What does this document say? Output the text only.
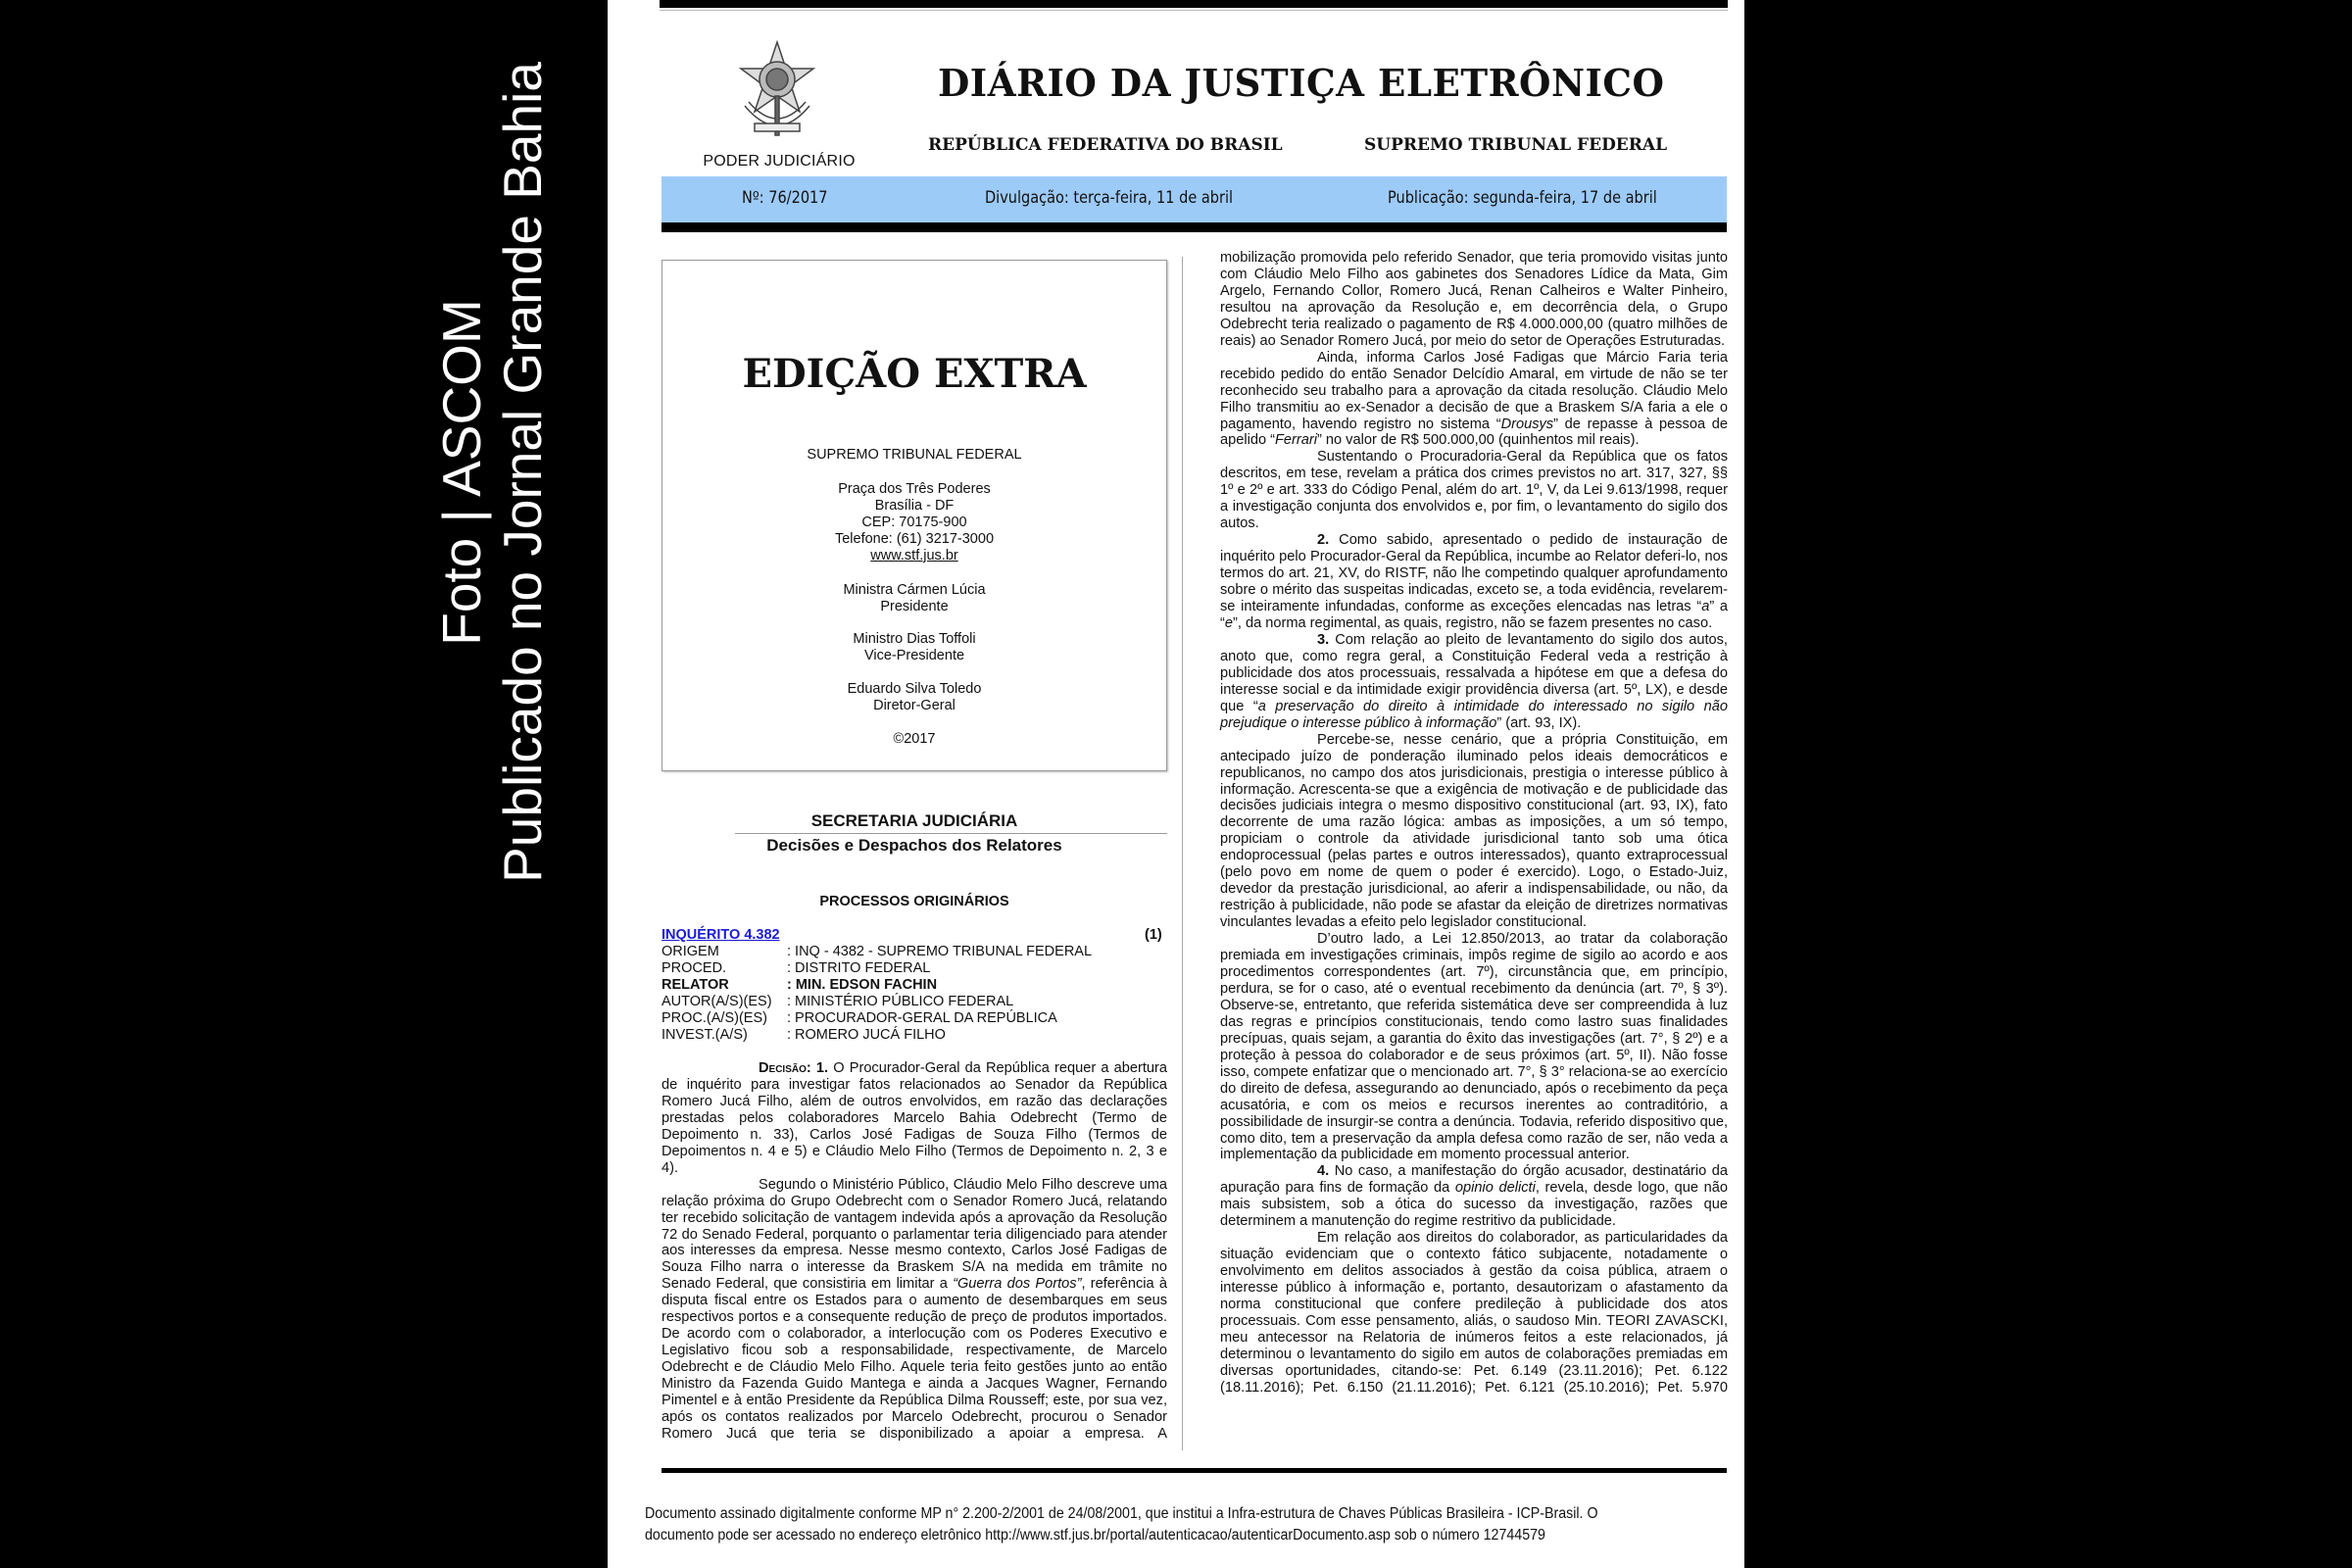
Foto | ASCOM Publicado no Jornal Grande Bahia	PODER JUDICIÁRIO
DIÁRIO DA JUSTIÇA ELETRÔNICO
REPÚBLICA FEDERATIVA DO BRASIL	SUPREMO TRIBUNAL FEDERAL
Nº: 76/2017	Divulgação: terça-feira, 11 de abril	Publicação: segunda-feira, 17 de abril
EDIÇÃO EXTRA
SUPREMO TRIBUNAL FEDERAL
Praça dos Três Poderes
Brasília - DF
CEP: 70175-900
Telefone: (61) 3217-3000
www.stf.jus.br
Ministra Cármen Lúcia
Presidente
Ministro Dias Toffoli
Vice-Presidente
Eduardo Silva Toledo
Diretor-Geral
©2017
SECRETARIA JUDICIÁRIA
Decisões e Despachos dos Relatores
PROCESSOS ORIGINÁRIOS
INQUÉRITO 4.382	(1)
ORIGEM	: INQ - 4382 - SUPREMO TRIBUNAL FEDERAL
PROCED.	: DISTRITO FEDERAL
RELATOR	: MIN. EDSON FACHIN
AUTOR(A/S)(ES)	: MINISTÉRIO PÚBLICO FEDERAL
PROC.(A/S)(ES)	: PROCURADOR-GERAL DA REPÚBLICA
INVEST.(A/S)	: ROMERO JUCÁ FILHO

Decisão: 1. O Procurador-Geral da República requer a abertura de inquérito para investigar fatos relacionados ao Senador da República Romero Jucá Filho, além de outros envolvidos, em razão das declarações prestadas pelos colaboradores Marcelo Bahia Odebrecht (Termo de Depoimento n. 33), Carlos José Fadigas de Souza Filho (Termos de Depoimentos n. 4 e 5) e Cláudio Melo Filho (Termos de Depoimento n. 2, 3 e 4).

Segundo o Ministério Público, Cláudio Melo Filho descreve uma relação próxima do Grupo Odebrecht com o Senador Romero Jucá, relatando ter recebido solicitação de vantagem indevida após a aprovação da Resolução 72 do Senado Federal, porquanto o parlamentar teria diligenciado para atender aos interesses da empresa. Nesse mesmo contexto, Carlos José Fadigas de Souza Filho narra o interesse da Braskem S/A na medida em trâmite no Senado Federal, que consistiria em limitar a “Guerra dos Portos”, referência à disputa fiscal entre os Estados para o aumento de desembarques em seus respectivos portos e a consequente redução de preço de produtos importados. De acordo com o colaborador, a interlocução com os Poderes Executivo e Legislativo ficou sob a responsabilidade, respectivamente, de Marcelo Odebrecht e de Cláudio Melo Filho. Aquele teria feito gestões junto ao então Ministro da Fazenda Guido Mantega e ainda a Jacques Wagner, Fernando Pimentel e à então Presidente da República Dilma Rousseff; este, por sua vez, após os contatos realizados por Marcelo Odebrecht, procurou o Senador Romero Jucá que teria se disponibilizado a apoiar a empresa. A

mobilização promovida pelo referido Senador, que teria promovido visitas junto com Cláudio Melo Filho aos gabinetes dos Senadores Lídice da Mata, Gim Argelo, Fernando Collor, Romero Jucá, Renan Calheiros e Walter Pinheiro, resultou na aprovação da Resolução e, em decorrência dela, o Grupo Odebrecht teria realizado o pagamento de R$ 4.000.000,00 (quatro milhões de reais) ao Senador Romero Jucá, por meio do setor de Operações Estruturadas.

Ainda, informa Carlos José Fadigas que Márcio Faria teria recebido pedido do então Senador Delcídio Amaral, em virtude de não se ter reconhecido seu trabalho para a aprovação da citada resolução. Cláudio Melo Filho transmitiu ao ex-Senador a decisão de que a Braskem S/A faria a ele o pagamento, havendo registro no sistema “Drousys” de repasse à pessoa de apelido “Ferrari” no valor de R$ 500.000,00 (quinhentos mil reais).

Sustentando o Procuradoria-Geral da República que os fatos descritos, em tese, revelam a prática dos crimes previstos no art. 317, 327, §§ 1º e 2º e art. 333 do Código Penal, além do art. 1º, V, da Lei 9.613/1998, requer a investigação conjunta dos envolvidos e, por fim, o levantamento do sigilo dos autos.

2. Como sabido, apresentado o pedido de instauração de inquérito pelo Procurador-Geral da República, incumbe ao Relator deferi-lo, nos termos do art. 21, XV, do RISTF, não lhe competindo qualquer aprofundamento sobre o mérito das suspeitas indicadas, exceto se, a toda evidência, revelarem-se inteiramente infundadas, conforme as exceções elencadas nas letras “a” a “e”, da norma regimental, as quais, registro, não se fazem presentes no caso.

3. Com relação ao pleito de levantamento do sigilo dos autos, anoto que, como regra geral, a Constituição Federal veda a restrição à publicidade dos atos processuais, ressalvada a hipótese em que a defesa do interesse social e da intimidade exigir providência diversa (art. 5º, LX), e desde que “a preservação do direito à intimidade do interessado no sigilo não prejudique o interesse público à informação” (art. 93, IX).

Percebe-se, nesse cenário, que a própria Constituição, em antecipado juízo de ponderação iluminado pelos ideais democráticos e republicanos, no campo dos atos jurisdicionais, prestigia o interesse público à informação. Acrescenta-se que a exigência de motivação e de publicidade das decisões judiciais integra o mesmo dispositivo constitucional (art. 93, IX), fato decorrente de uma razão lógica: ambas as imposições, a um só tempo, propiciam o controle da atividade jurisdicional tanto sob uma ótica endoprocessual (pelas partes e outros interessados), quanto extraprocessual (pelo povo em nome de quem o poder é exercido). Logo, o Estado-Juiz, devedor da prestação jurisdicional, ao aferir a indispensabilidade, ou não, da restrição à publicidade, não pode se afastar da eleição de diretrizes normativas vinculantes levadas a efeito pelo legislador constitucional.

D’outro lado, a Lei 12.850/2013, ao tratar da colaboração premiada em investigações criminais, impôs regime de sigilo ao acordo e aos procedimentos correspondentes (art. 7º), circunstância que, em princípio, perdura, se for o caso, até o eventual recebimento da denúncia (art. 7º, § 3º). Observe-se, entretanto, que referida sistemática deve ser compreendida à luz das regras e princípios constitucionais, tendo como lastro suas finalidades precípuas, quais sejam, a garantia do êxito das investigações (art. 7°, § 2º) e a proteção à pessoa do colaborador e de seus próximos (art. 5º, II). Não fosse isso, compete enfatizar que o mencionado art. 7°, § 3° relaciona-se ao exercício do direito de defesa, assegurando ao denunciado, após o recebimento da peça acusatória, e com os meios e recursos inerentes ao contraditório, a possibilidade de insurgir-se contra a denúncia. Todavia, referido dispositivo que, como dito, tem a preservação da ampla defesa como razão de ser, não veda a implementação da publicidade em momento processual anterior.

4. No caso, a manifestação do órgão acusador, destinatário da apuração para fins de formação da opinio delicti, revela, desde logo, que não mais subsistem, sob a ótica do sucesso da investigação, razões que determinem a manutenção do regime restritivo da publicidade.

Em relação aos direitos do colaborador, as particularidades da situação evidenciam que o contexto fático subjacente, notadamente o envolvimento em delitos associados à gestão da coisa pública, atraem o interesse público à informação e, portanto, desautorizam o afastamento da norma constitucional que confere predileção à publicidade dos atos processuais. Com esse pensamento, aliás, o saudoso Min. TEORI ZAVASCKI, meu antecessor na Relatoria de inúmeros feitos a este relacionados, já determinou o levantamento do sigilo em autos de colaborações premiadas em diversas oportunidades, citando-se: Pet. 6.149 (23.11.2016); Pet. 6.122 (18.11.2016); Pet. 6.150 (21.11.2016); Pet. 6.121 (25.10.2016); Pet. 5.970

Documento assinado digitalmente conforme MP n° 2.200-2/2001 de 24/08/2001, que institui a Infra-estrutura de Chaves Públicas Brasileira - ICP-Brasil. O
documento pode ser acessado no endereço eletrônico http://www.stf.jus.br/portal/autenticacao/autenticarDocumento.asp sob o número 12744579
